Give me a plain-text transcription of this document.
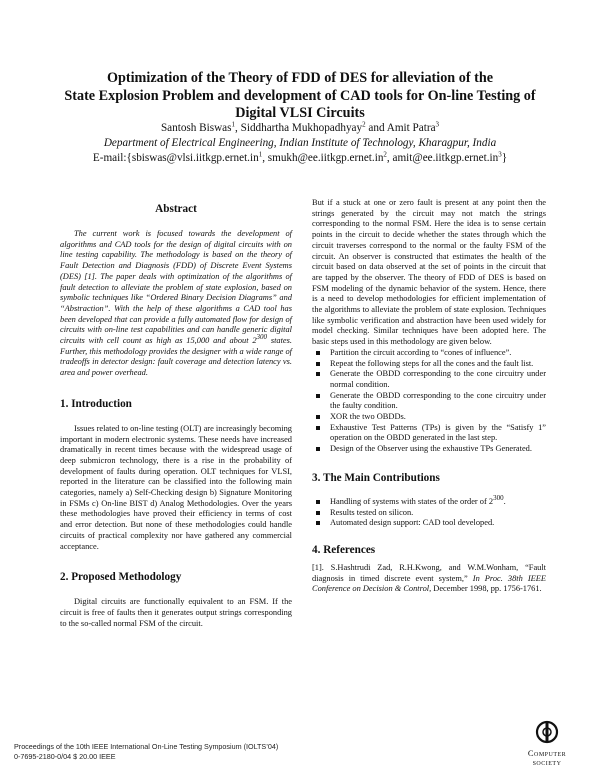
Optimization of the Theory of FDD of DES for alleviation of the
State Explosion Problem and development of CAD tools for On-line Testing of
Digital VLSI Circuits
Santosh Biswas$^1$, Siddhartha Mukhopadhyay$^2$ and Amit Patra$^3$
Department of Electrical Engineering, Indian Institute of Technology, Kharagpur, India
$E-mail:\{sbiswas@vlsi.iitkgp.ernet.in^1$, $smukh@ee.iitkgp.ernet.in^2$, $amit@ee.iitkgp.ernet.in^3$}
Abstract

The current work is focused towards the development of algorithms and CAD tools for the design of digital circuits with on line testing capability. The methodology is based on the theory of Fault Detection and Diagnosis (FDD) of Discrete Event Systems (DES) [1]. The paper deals with optimization of the algorithms of fault detection to alleviate the problem of state explosion, based on symbolic techniques like “Ordered Binary Decision Diagrams” and “Abstraction”. With the help of these algorithms a CAD tool has been developed that can provide a fully automated flow for design of circuits with on-line test capabilities and can handle generic digital circuits with cell count as high as 15,000 and about $2^{300}$ states. Further, this methodology provides the designer with a wide range of tradeoffs in detector design: fault coverage and detection latency vs. area and power overhead.

1. Introduction

Issues related to on-line testing (OLT) are increasingly becoming important in modern electronic systems. These needs have increased dramatically in recent times because with the widespread usage of deep submicron technology, there is a rise in the probability of development of faults during operation. OLT techniques for VLSI, reported in the literature can be classified into the following main categories, namely a) Self-Checking design b) Signature Monitoring in FSMs c) On-line BIST d) Analog Methodologies. Over the years these methodologies have proved their efficiency in terms of cost and error detection. But none of these methodologies could handle circuits of practical complexity nor have gathered any commercial acceptance.

2. Proposed Methodology

Digital circuits are functionally equivalent to an FSM. If the circuit is free of faults then it generates output strings corresponding to the so-called normal FSM of the circuit.

But if a stuck at one or zero fault is present at any point then the strings generated by the circuit may not match the strings corresponding to the normal FSM. Here the idea is to sense certain points in the circuit to decide whether the states through which the circuit traverses correspond to the normal or the faulty FSM of the circuit. An observer is constructed that estimates the health of the circuit based on data observed at the set of points in the circuit that are tapped by the observer. The theory of FDD of DES is based on FSM modeling of the dynamic behavior of the system. Hence, there is a need to develop methodologies for efficient implementation of the algorithms to alleviate the problem of state explosion. Techniques like symbolic verification and abstraction have been used widely for model checking. Similar techniques have been adopted here. The basic steps used in this methodology are given below.

Partition the circuit according to “cones of influence”.
Repeat the following steps for all the cones and the fault list.
Generate the OBDD corresponding to the cone circuitry under normal condition.
Generate the OBDD corresponding to the cone circuitry under the faulty condition.
XOR the two OBDDs.
Exhaustive Test Patterns (TPs) is given by the “Satisfy 1” operation on the OBDD generated in the last step.
Design of the Observer using the exhaustive TPs Generated.
3. The Main Contributions
Handling of systems with states of the order of $2^{300}$.
Results tested on silicon.
Automated design support: CAD tool developed.
4. References

[1]. S.Hashtrudi Zad, R.H.Kwong, and W.M.Wonham, “Fault diagnosis in timed discrete event system,” In Proc. 38th IEEE Conference on Decision & Control, December 1998, pp. 1756-1761.

Proceedings of the 10th IEEE International On-Line Testing Symposium (IOLTS’04)
0-7695-2180-0/04 $ 20.00 IEEE	Computer
society
